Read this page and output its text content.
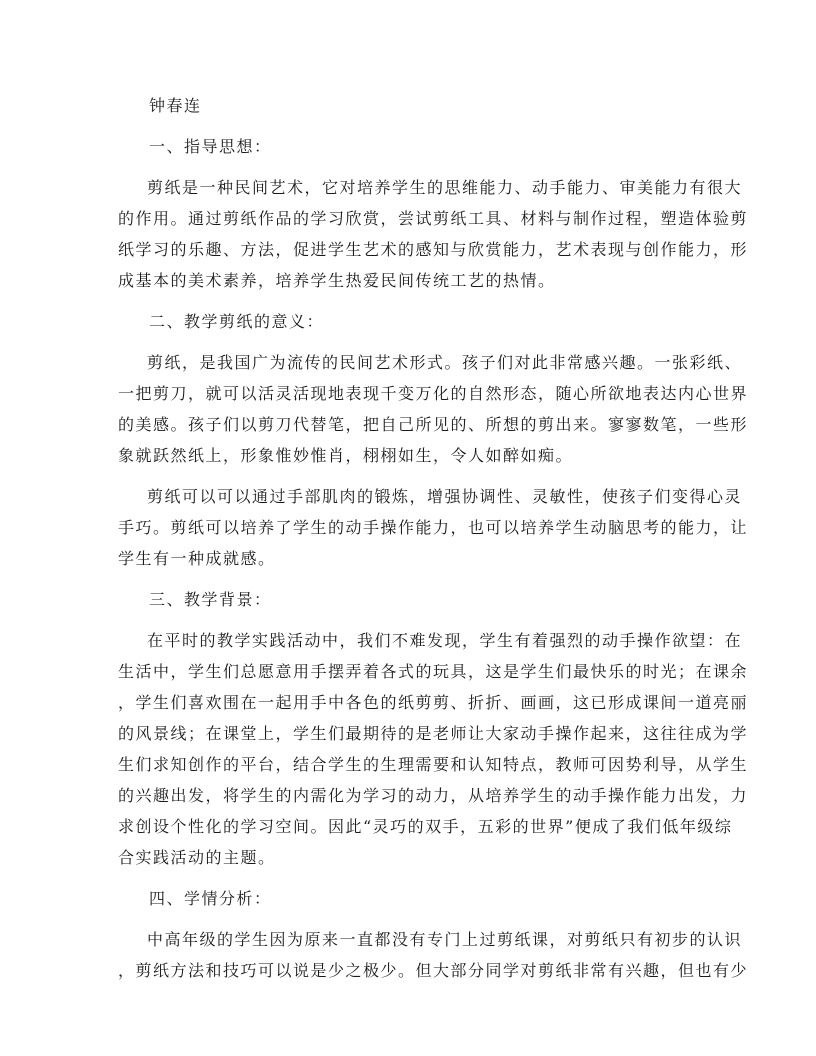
钟春连

一、指导思想：

剪纸是一种民间艺术，它对培养学生的思维能力、动手能力、审美能力有很大

的作用。通过剪纸作品的学习欣赏，尝试剪纸工具、材料与制作过程，塑造体验剪

纸学习的乐趣、方法，促进学生艺术的感知与欣赏能力，艺术表现与创作能力，形

成基本的美术素养，培养学生热爱民间传统工艺的热情。

二、教学剪纸的意义：

剪纸，是我国广为流传的民间艺术形式。孩子们对此非常感兴趣。一张彩纸、

一把剪刀，就可以活灵活现地表现千变万化的自然形态，随心所欲地表达内心世界

的美感。孩子们以剪刀代替笔，把自己所见的、所想的剪出来。寥寥数笔，一些形

象就跃然纸上，形象惟妙惟肖，栩栩如生，令人如醉如痴。

剪纸可以可以通过手部肌肉的锻炼，增强协调性、灵敏性，使孩子们变得心灵

手巧。剪纸可以培养了学生的动手操作能力，也可以培养学生动脑思考的能力，让

学生有一种成就感。

三、教学背景：

在平时的教学实践活动中，我们不难发现，学生有着强烈的动手操作欲望：在

生活中，学生们总愿意用手摆弄着各式的玩具，这是学生们最快乐的时光；在课余

，学生们喜欢围在一起用手中各色的纸剪剪、折折、画画，这已形成课间一道亮丽

的风景线；在课堂上，学生们最期待的是老师让大家动手操作起来，这往往成为学

生们求知创作的平台，结合学生的生理需要和认知特点，教师可因势利导，从学生

的兴趣出发，将学生的内需化为学习的动力，从培养学生的动手操作能力出发，力

求创设个性化的学习空间。因此“灵巧的双手，五彩的世界”便成了我们低年级综

合实践活动的主题。

四、学情分析：

中高年级的学生因为原来一直都没有专门上过剪纸课，对剪纸只有初步的认识

，剪纸方法和技巧可以说是少之极少。但大部分同学对剪纸非常有兴趣，但也有少
